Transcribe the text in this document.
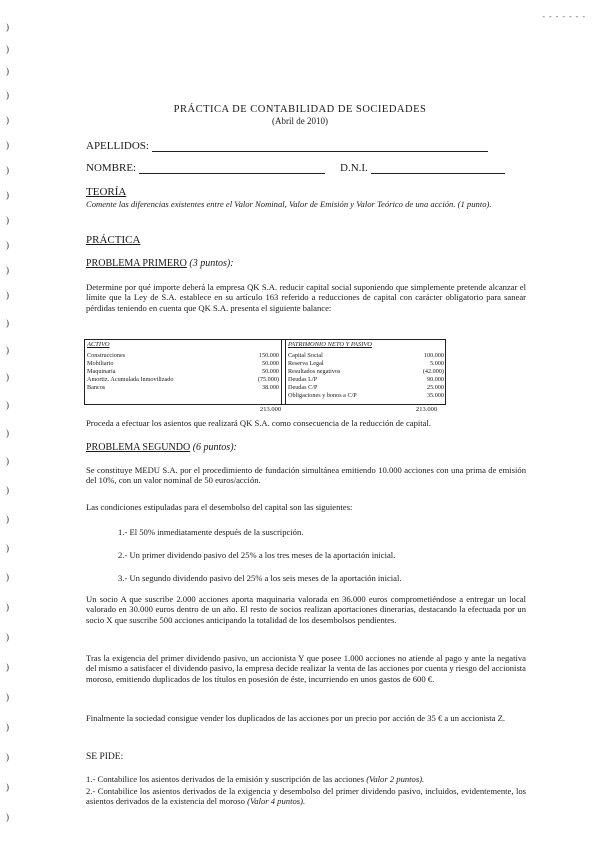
)
)
)
)
)
)
)
)
)
)
)
)
)
)
)
)
)
)
)
)
)
)
)
)
)
)
)
)
)
)
- - - - - - -
PRÁCTICA DE CONTABILIDAD DE SOCIEDADES
(Abril de 2010)
APELLIDOS:
NOMBRE:	D.N.I.
TEORÍA
Comente las diferencias existentes entre el Valor Nominal, Valor de Emisión y Valor Teórico de una acción. (1 punto).
PRÁCTICA
PROBLEMA PRIMERO (3 puntos):
Determine por qué importe deberá la empresa QK S.A. reducir capital social suponiendo que simplemente pretende alcanzar el límite que la Ley de S.A. establece en su artículo 163 referido a reducciones de capital con carácter obligatorio para sanear pérdidas teniendo en cuenta que QK S.A. presenta el siguiente balance:
ACTIVO
Construcciones	150.000
Mobiliario	50.000
Maquinaria	50.000
Amortiz. Acumulada Inmovilizado	(75.000)
Bancos	38.000
PATRIMONIO NETO Y PASIVO
Capital Social	100.000
Reserva Legal	5.000
Resultados negativos	(42.000)
Deudas L/P	90.000
Deudas C/P	25.000
Obligaciones y bonos a C/P	35.000
213.000	213.000
Proceda a efectuar los asientos que realizará QK S.A. como consecuencia de la reducción de capital.
PROBLEMA SEGUNDO (6 puntos):
Se constituye MEDU S.A. por el procedimiento de fundación simultánea emitiendo 10.000 acciones con una prima de emisión del 10%, con un valor nominal de 50 euros/acción.
Las condiciones estipuladas para el desembolso del capital son las siguientes:
1.- El 50% inmediatamente después de la suscripción.
2.- Un primer dividendo pasivo del 25% a los tres meses de la aportación inicial.
3.- Un segundo dividendo pasivo del 25% a los seis meses de la aportación inicial.
Un socio A que suscribe 2.000 acciones aporta maquinaria valorada en 36.000 euros comprometiéndose a entregar un local valorado en 30.000 euros dentro de un año. El resto de socios realizan aportaciones dinerarias, destacando la efectuada por un socio X que suscribe 500 acciones anticipando la totalidad de los desembolsos pendientes.
Tras la exigencia del primer dividendo pasivo, un accionista Y que posee 1.000 acciones no atiende al pago y ante la negativa del mismo a satisfacer el dividendo pasivo, la empresa decide realizar la venta de las acciones por cuenta y riesgo del accionista moroso, emitiendo duplicados de los títulos en posesión de éste, incurriendo en unos gastos de 600 €.
Finalmente la sociedad consigue vender los duplicados de las acciones por un precio por acción de 35 € a un accionista Z.
SE PIDE:
1.- Contabilice los asientos derivados de la emisión y suscripción de las acciones (Valor 2 puntos).
2.- Contabilice los asientos derivados de la exigencia y desembolso del primer dividendo pasivo, incluidos, evidentemente, los asientos derivados de la existencia del moroso (Valor 4 puntos).
